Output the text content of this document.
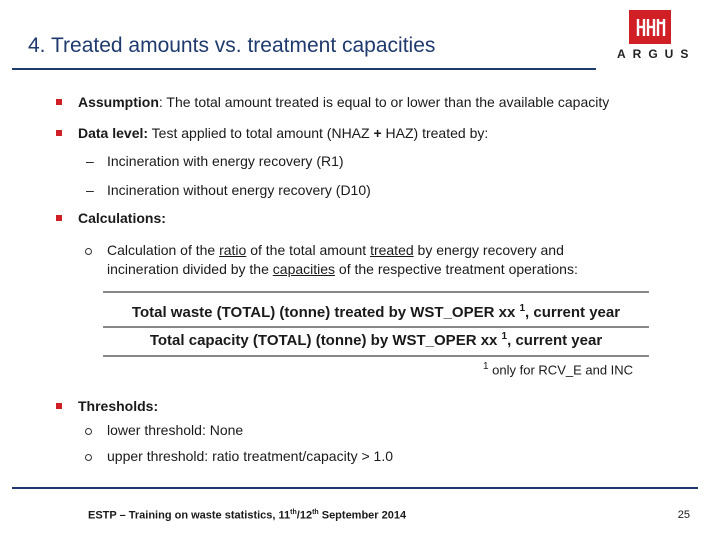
4. Treated amounts vs. treatment capacities	ARGUS
Assumption: The total amount treated is equal to or lower than the available capacity
Data level: Test applied to total amount (NHAZ + HAZ) treated by:
– Incineration with energy recovery (R1)
– Incineration without energy recovery (D10)
Calculations:
Calculation of the ratio of the total amount treated by energy recovery and
incineration divided by the capacities of the respective treatment operations:
Total waste (TOTAL) (tonne) treated by WST_OPER xx $^1$, current year
Total capacity (TOTAL) (tonne) by WST_OPER xx $^1$, current year
$^1$ only for RCV_E and INC
Thresholds:
lower threshold: None
upper threshold: ratio treatment/capacity > 1.0
ESTP – Training on waste statistics, 11th/12th September 2014	25
